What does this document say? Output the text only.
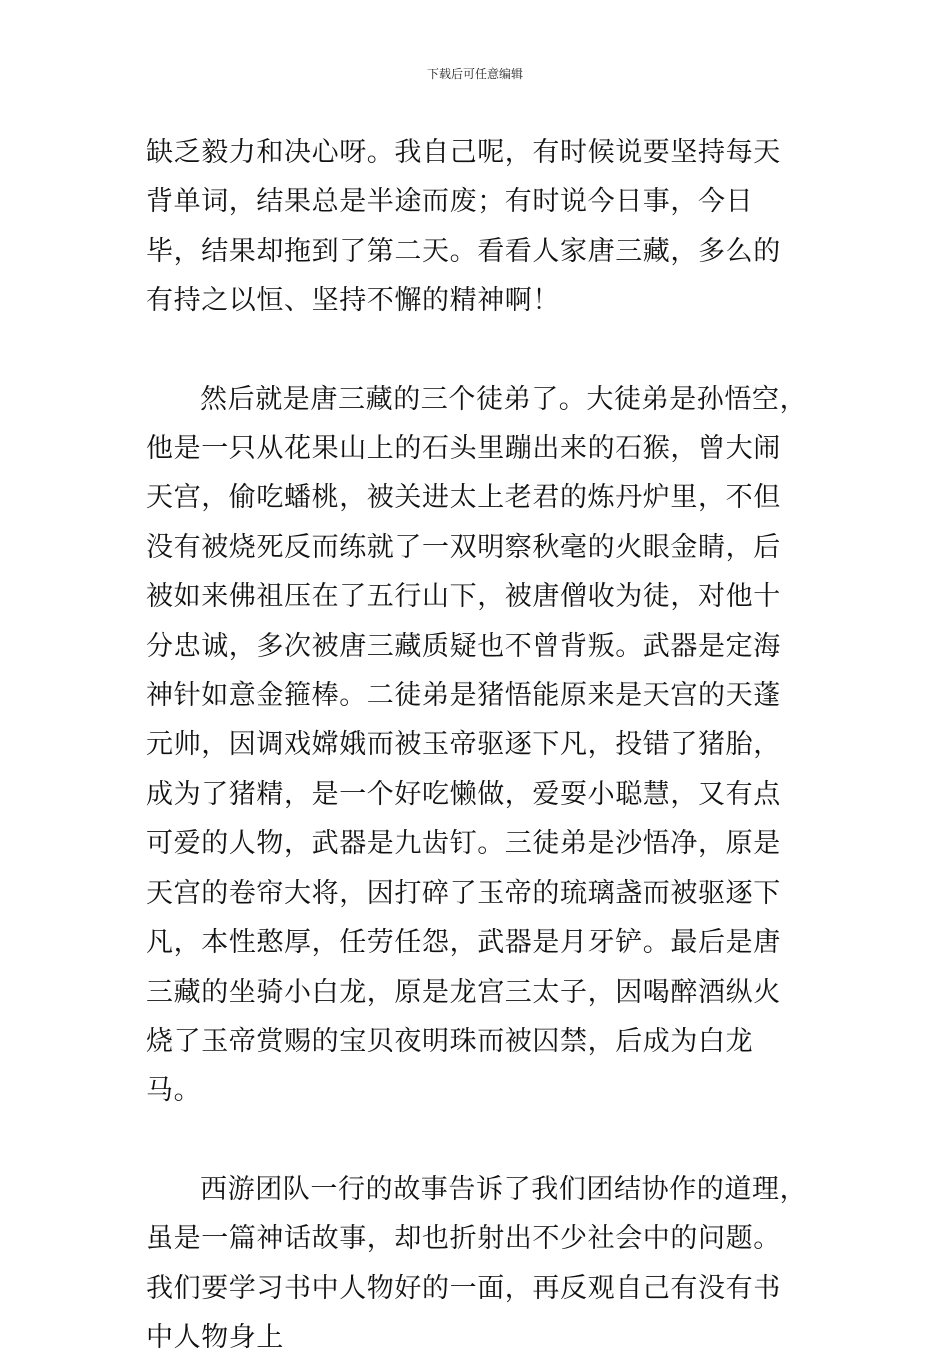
下载后可任意编辑

缺乏毅力和决心呀。我自己呢，有时候说要坚持每天背单词，结果总是半途而废；有时说今日事，今日毕，结果却拖到了第二天。看看人家唐三藏，多么的有持之以恒、坚持不懈的精神啊！

然后就是唐三藏的三个徒弟了。大徒弟是孙悟空，他是一只从花果山上的石头里蹦出来的石猴，曾大闹天宫，偷吃蟠桃，被关进太上老君的炼丹炉里，不但没有被烧死反而练就了一双明察秋毫的火眼金睛，后被如来佛祖压在了五行山下，被唐僧收为徒，对他十分忠诚，多次被唐三藏质疑也不曾背叛。武器是定海神针如意金箍棒。二徒弟是猪悟能原来是天宫的天蓬元帅，因调戏嫦娥而被玉帝驱逐下凡，投错了猪胎，成为了猪精，是一个好吃懒做，爱耍小聪慧，又有点可爱的人物，武器是九齿钉。三徒弟是沙悟净，原是天宫的卷帘大将，因打碎了玉帝的琉璃盏而被驱逐下凡，本性憨厚，任劳任怨，武器是月牙铲。最后是唐三藏的坐骑小白龙，原是龙宫三太子，因喝醉酒纵火烧了玉帝赏赐的宝贝夜明珠而被囚禁，后成为白龙马。

西游团队一行的故事告诉了我们团结协作的道理，虽是一篇神话故事，却也折射出不少社会中的问题。我们要学习书中人物好的一面，再反观自己有没有书中人物身上
